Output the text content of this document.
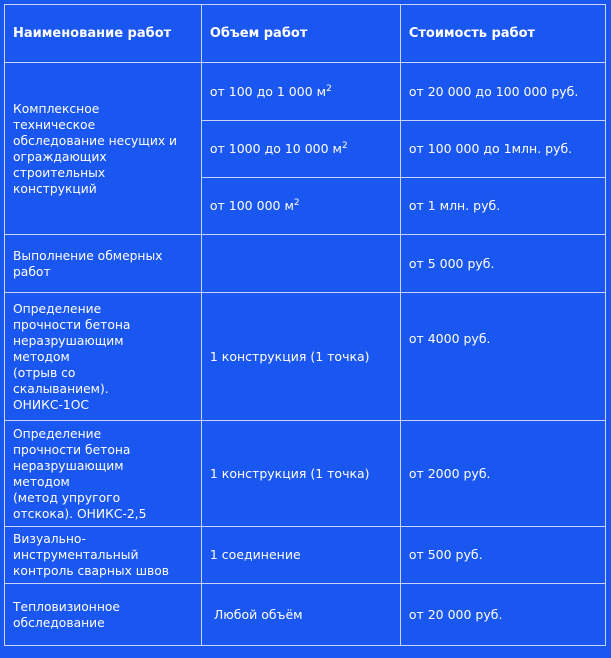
Наименование работ	Объем работ	Стоимость работ

Комплексное техническое обследование несущих и ограждающих строительных конструкций	от 100 до 1 000 $м^2$	от 20 000 до 100 000 руб.
	от 1000 до 10 000 $м^2$	от 100 000 до 1млн. руб.
	от 100 000 $м^2$	от 1 млн. руб.
Выполнение обмерных работ		от 5 000 руб.

Определение прочности бетона неразрушающим методом
(отрыв со скалыванием).
ОНИКС-1ОС	1 конструкция (1 точка)	от 4000 руб.

Определение прочности бетона неразрушающим методом
(метод упругого отскока). ОНИКС-2,5	1 конструкция (1 точка)	от 2000 руб.
Визуально-инструментальный контроль сварных швов	1 соединение	от 500 руб.

Тепловизионное обследование	Любой объём	от 20 000 руб.
